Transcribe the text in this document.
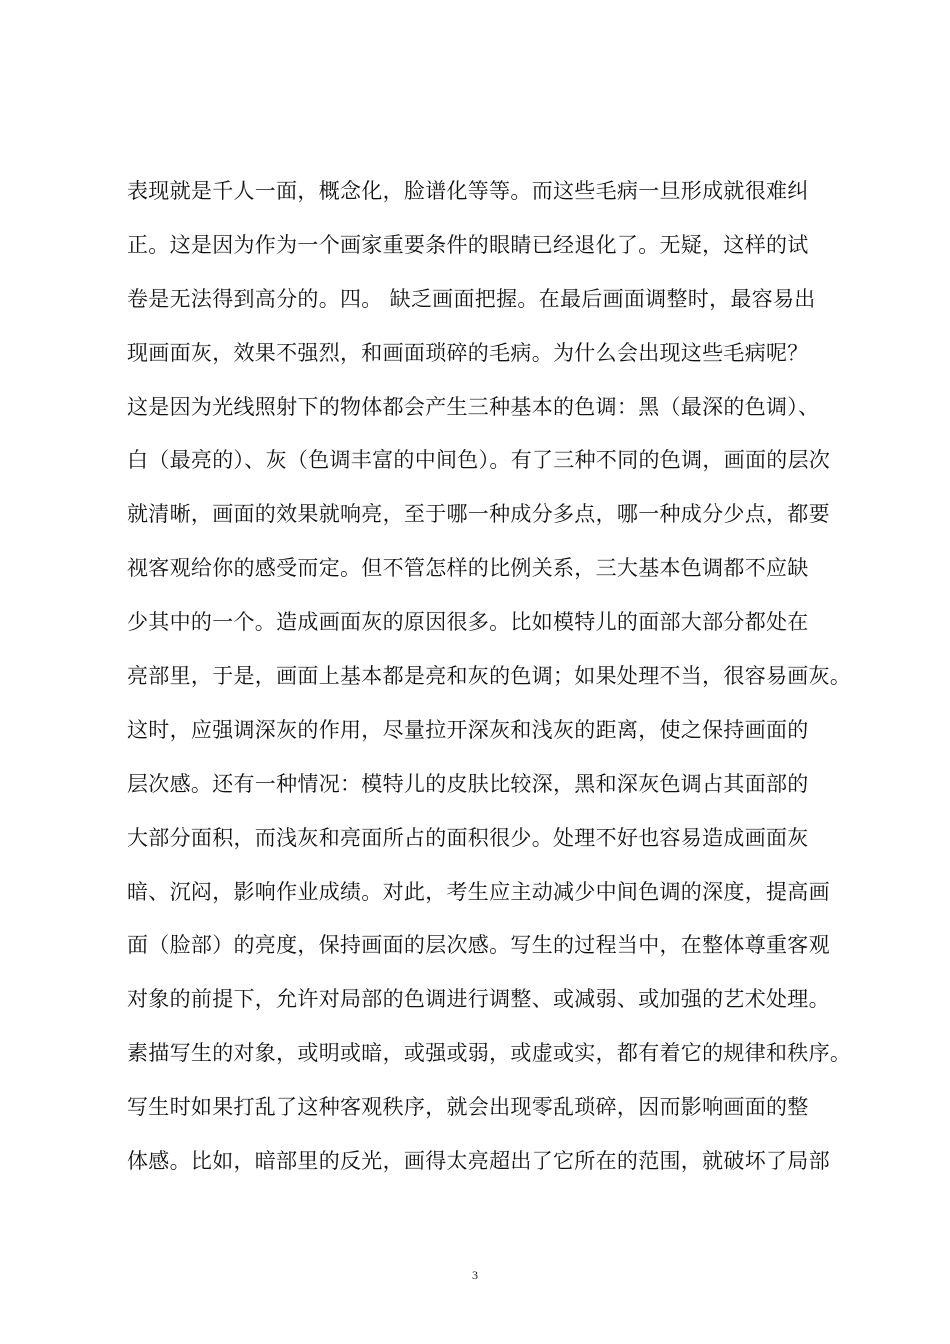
表现就是千人一面，概念化，脸谱化等等。而这些毛病一旦形成就很难纠
正。这是因为作为一个画家重要条件的眼睛已经退化了。无疑，这样的试
卷是无法得到高分的。四。 缺乏画面把握。在最后画面调整时，最容易出
现画面灰，效果不强烈，和画面琐碎的毛病。为什么会出现这些毛病呢？
这是因为光线照射下的物体都会产生三种基本的色调：黑（最深的色调）、
白（最亮的）、灰（色调丰富的中间色）。有了三种不同的色调，画面的层次
就清晰，画面的效果就响亮，至于哪一种成分多点，哪一种成分少点，都要
视客观给你的感受而定。但不管怎样的比例关系，三大基本色调都不应缺
少其中的一个。造成画面灰的原因很多。比如模特儿的面部大部分都处在
亮部里，于是，画面上基本都是亮和灰的色调；如果处理不当，很容易画灰。
这时，应强调深灰的作用，尽量拉开深灰和浅灰的距离，使之保持画面的
层次感。还有一种情况：模特儿的皮肤比较深，黑和深灰色调占其面部的
大部分面积，而浅灰和亮面所占的面积很少。处理不好也容易造成画面灰
暗、沉闷，影响作业成绩。对此，考生应主动减少中间色调的深度，提高画
面（脸部）的亮度，保持画面的层次感。写生的过程当中，在整体尊重客观
对象的前提下，允许对局部的色调进行调整、或减弱、或加强的艺术处理。
素描写生的对象，或明或暗，或强或弱，或虚或实，都有着它的规律和秩序。
写生时如果打乱了这种客观秩序，就会出现零乱琐碎，因而影响画面的整
体感。比如，暗部里的反光，画得太亮超出了它所在的范围，就破坏了局部
3
